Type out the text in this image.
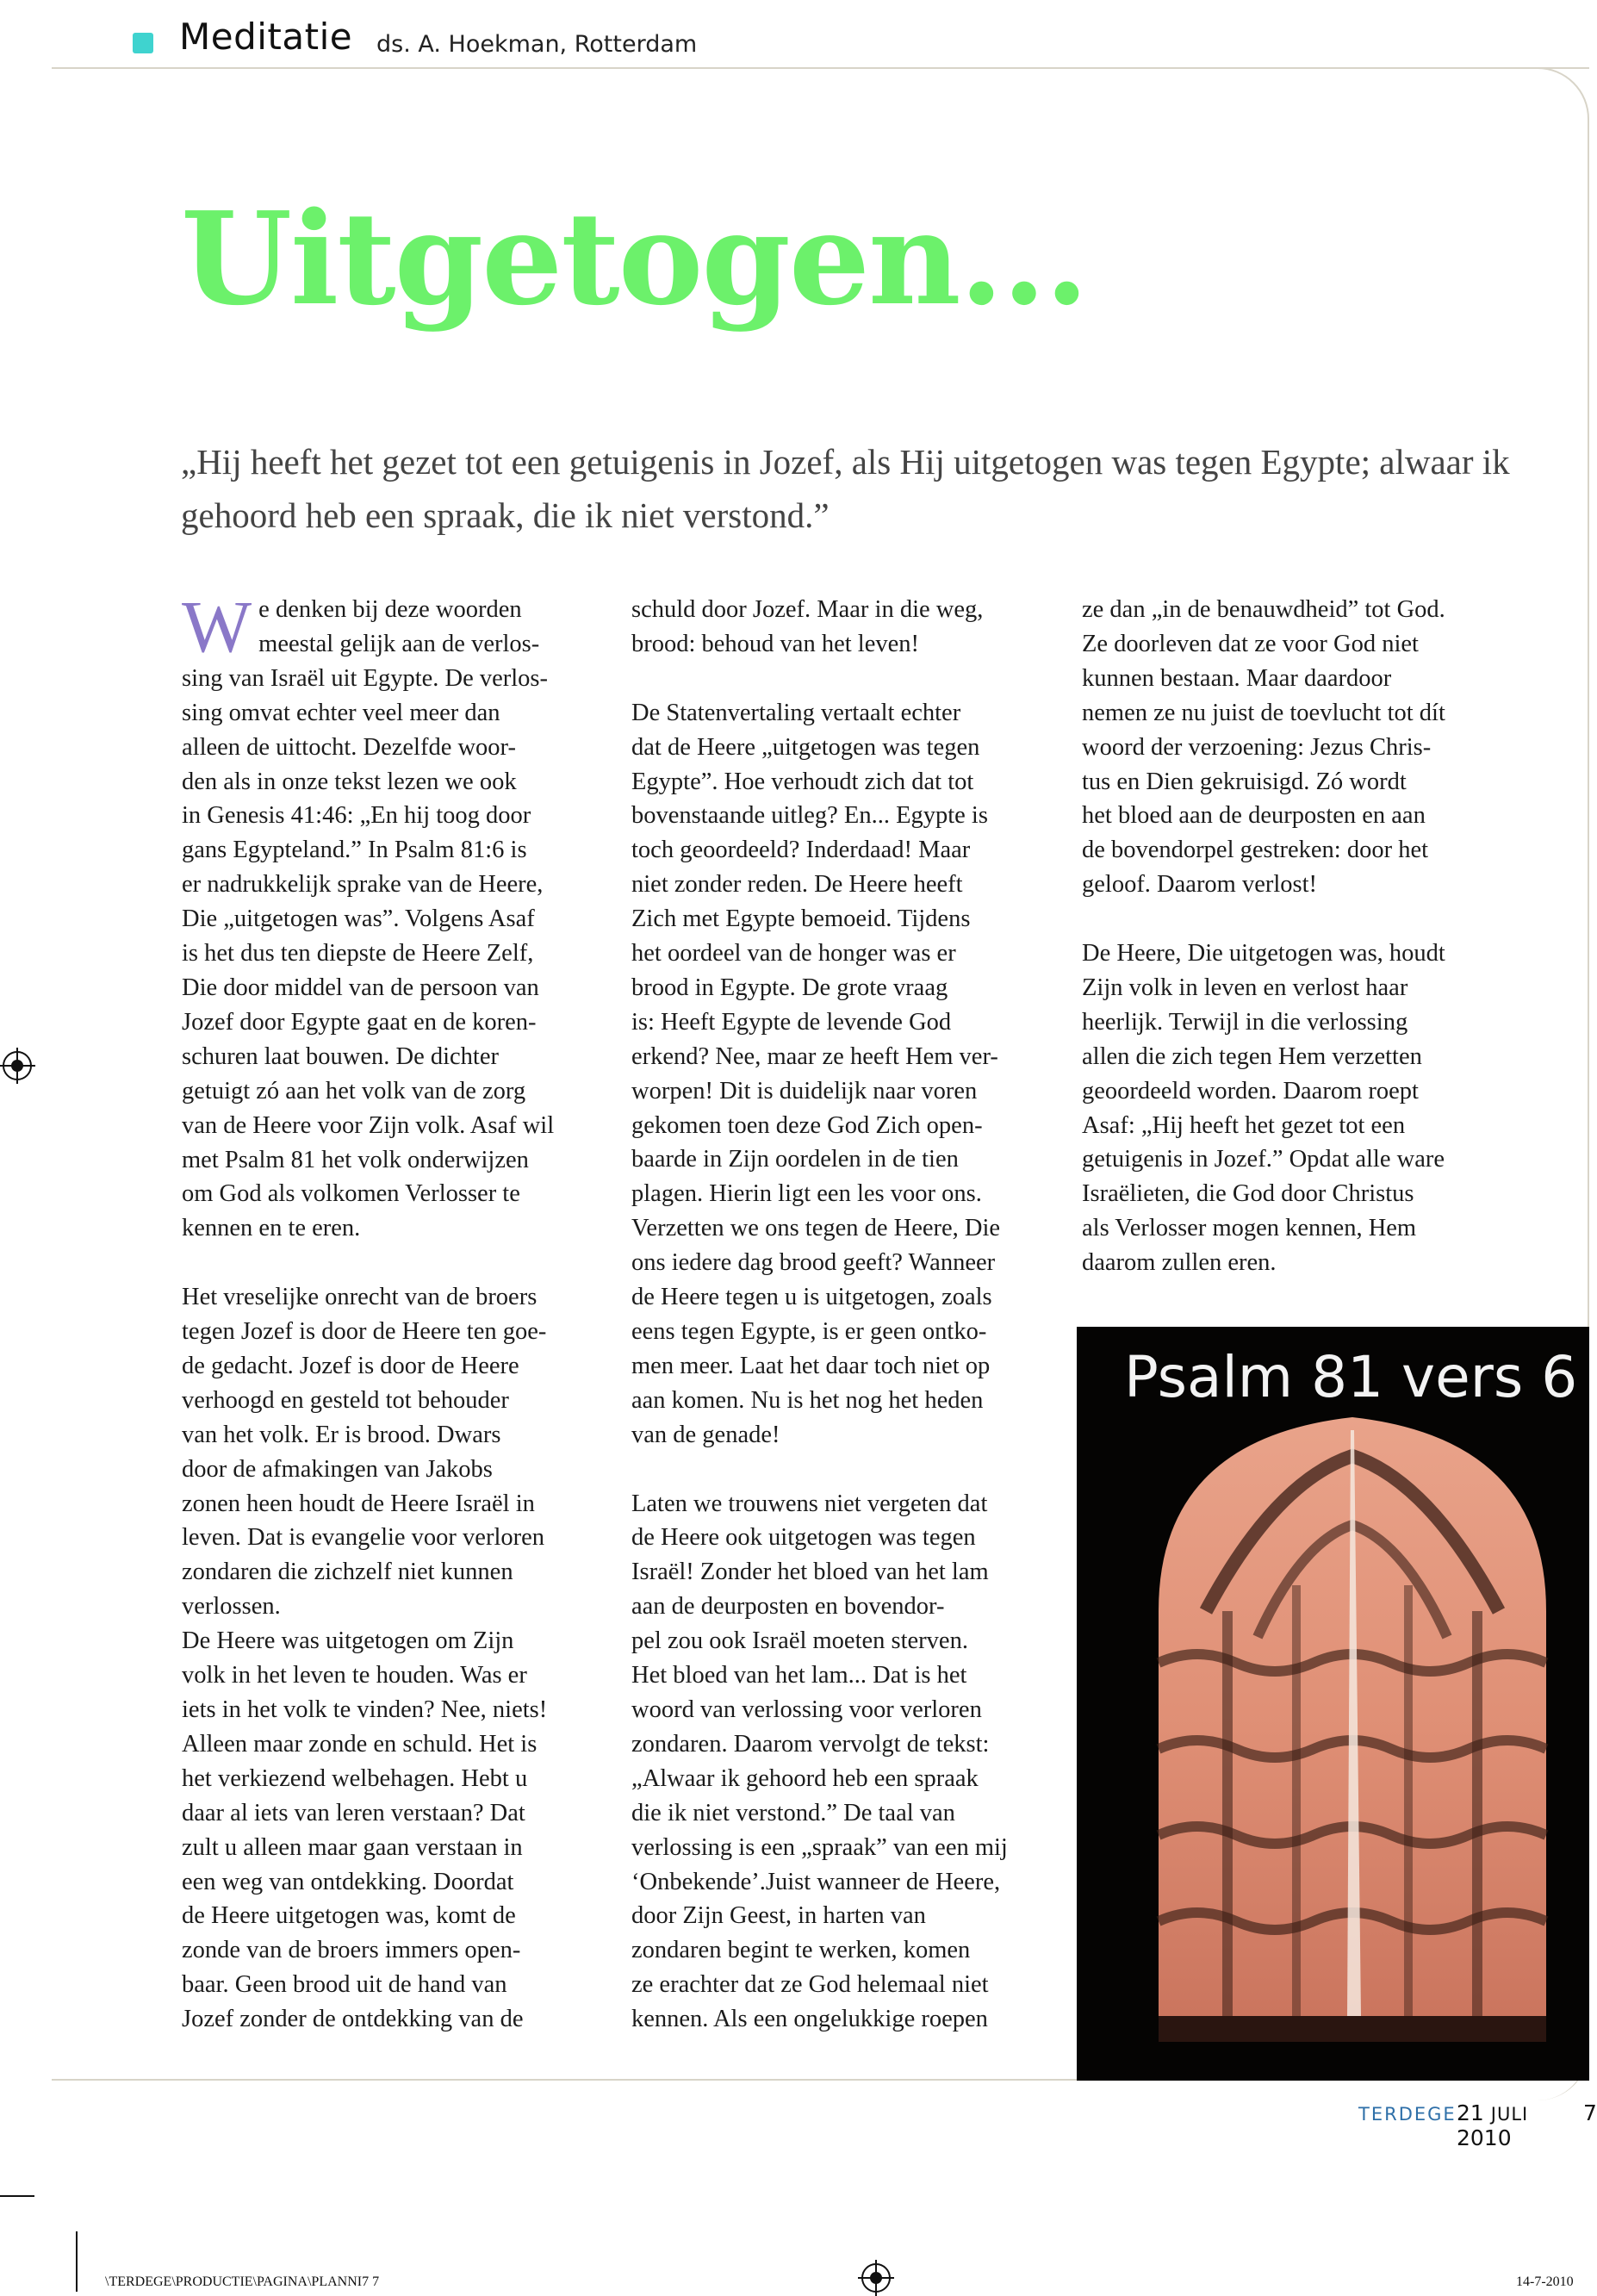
Meditatie ds. A. Hoekman, Rotterdam
Uitgetogen...
„Hij heeft het gezet tot een getuigenis in Jozef, als Hij uitgetogen was tegen Egypte; alwaar ik gehoord heb een spraak, die ik niet verstond.”

We denken bij deze woorden
meestal gelijk aan de verlos-
sing van Israël uit Egypte. De verlos-
sing omvat echter veel meer dan
alleen de uittocht. Dezelfde woor-
den als in onze tekst lezen we ook
in Genesis 41:46: „En hij toog door
gans Egypteland.” In Psalm 81:6 is
er nadrukkelijk sprake van de Heere,
Die „uitgetogen was”. Volgens Asaf
is het dus ten diepste de Heere Zelf,
Die door middel van de persoon van
Jozef door Egypte gaat en de koren-
schuren laat bouwen. De dichter
getuigt zó aan het volk van de zorg
van de Heere voor Zijn volk. Asaf wil
met Psalm 81 het volk onderwijzen
om God als volkomen Verlosser te
kennen en te eren.

Het vreselijke onrecht van de broers
tegen Jozef is door de Heere ten goe-
de gedacht. Jozef is door de Heere
verhoogd en gesteld tot behouder
van het volk. Er is brood. Dwars
door de afmakingen van Jakobs
zonen heen houdt de Heere Israël in
leven. Dat is evangelie voor verloren
zondaren die zichzelf niet kunnen
verlossen.

De Heere was uitgetogen om Zijn
volk in het leven te houden. Was er
iets in het volk te vinden? Nee, niets!
Alleen maar zonde en schuld. Het is
het verkiezend welbehagen. Hebt u
daar al iets van leren verstaan? Dat
zult u alleen maar gaan verstaan in
een weg van ontdekking. Doordat
de Heere uitgetogen was, komt de
zonde van de broers immers open-
baar. Geen brood uit de hand van
Jozef zonder de ontdekking van de

schuld door Jozef. Maar in die weg,
brood: behoud van het leven!

De Statenvertaling vertaalt echter
dat de Heere „uitgetogen was tegen
Egypte”. Hoe verhoudt zich dat tot
bovenstaande uitleg? En... Egypte is
toch geoordeeld? Inderdaad! Maar
niet zonder reden. De Heere heeft
Zich met Egypte bemoeid. Tijdens
het oordeel van de honger was er
brood in Egypte. De grote vraag
is: Heeft Egypte de levende God
erkend? Nee, maar ze heeft Hem ver-
worpen! Dit is duidelijk naar voren
gekomen toen deze God Zich open-
baarde in Zijn oordelen in de tien
plagen. Hierin ligt een les voor ons.
Verzetten we ons tegen de Heere, Die
ons iedere dag brood geeft? Wanneer
de Heere tegen u is uitgetogen, zoals
eens tegen Egypte, is er geen ontko-
men meer. Laat het daar toch niet op
aan komen. Nu is het nog het heden
van de genade!

Laten we trouwens niet vergeten dat
de Heere ook uitgetogen was tegen
Israël! Zonder het bloed van het lam
aan de deurposten en bovendor-
pel zou ook Israël moeten sterven.
Het bloed van het lam... Dat is het
woord van verlossing voor verloren
zondaren. Daarom vervolgt de tekst:
„Alwaar ik gehoord heb een spraak
die ik niet verstond.” De taal van
verlossing is een „spraak” van een mij
‘Onbekende’.Juist wanneer de Heere,
door Zijn Geest, in harten van
zondaren begint te werken, komen
ze erachter dat ze God helemaal niet
kennen. Als een ongelukkige roepen

ze dan „in de benauwdheid” tot God.
Ze doorleven dat ze voor God niet
kunnen bestaan. Maar daardoor
nemen ze nu juist de toevlucht tot dít
woord der verzoening: Jezus Chris-
tus en Dien gekruisigd. Zó wordt
het bloed aan de deurposten en aan
de bovendorpel gestreken: door het
geloof. Daarom verlost!

De Heere, Die uitgetogen was, houdt
Zijn volk in leven en verlost haar
heerlijk. Terwijl in die verlossing
allen die zich tegen Hem verzetten
geoordeeld worden. Daarom roept
Asaf: „Hij heeft het gezet tot een
getuigenis in Jozef.” Opdat alle ware
Israëlieten, die God door Christus
als Verlosser mogen kennen, Hem
daarom zullen eren.

Psalm 81 vers 6
TERDEGE 21 JULI 2010
7
\TERDEGE\PRODUCTIE\PAGINA\PLANNI7 7	14-7-2010
